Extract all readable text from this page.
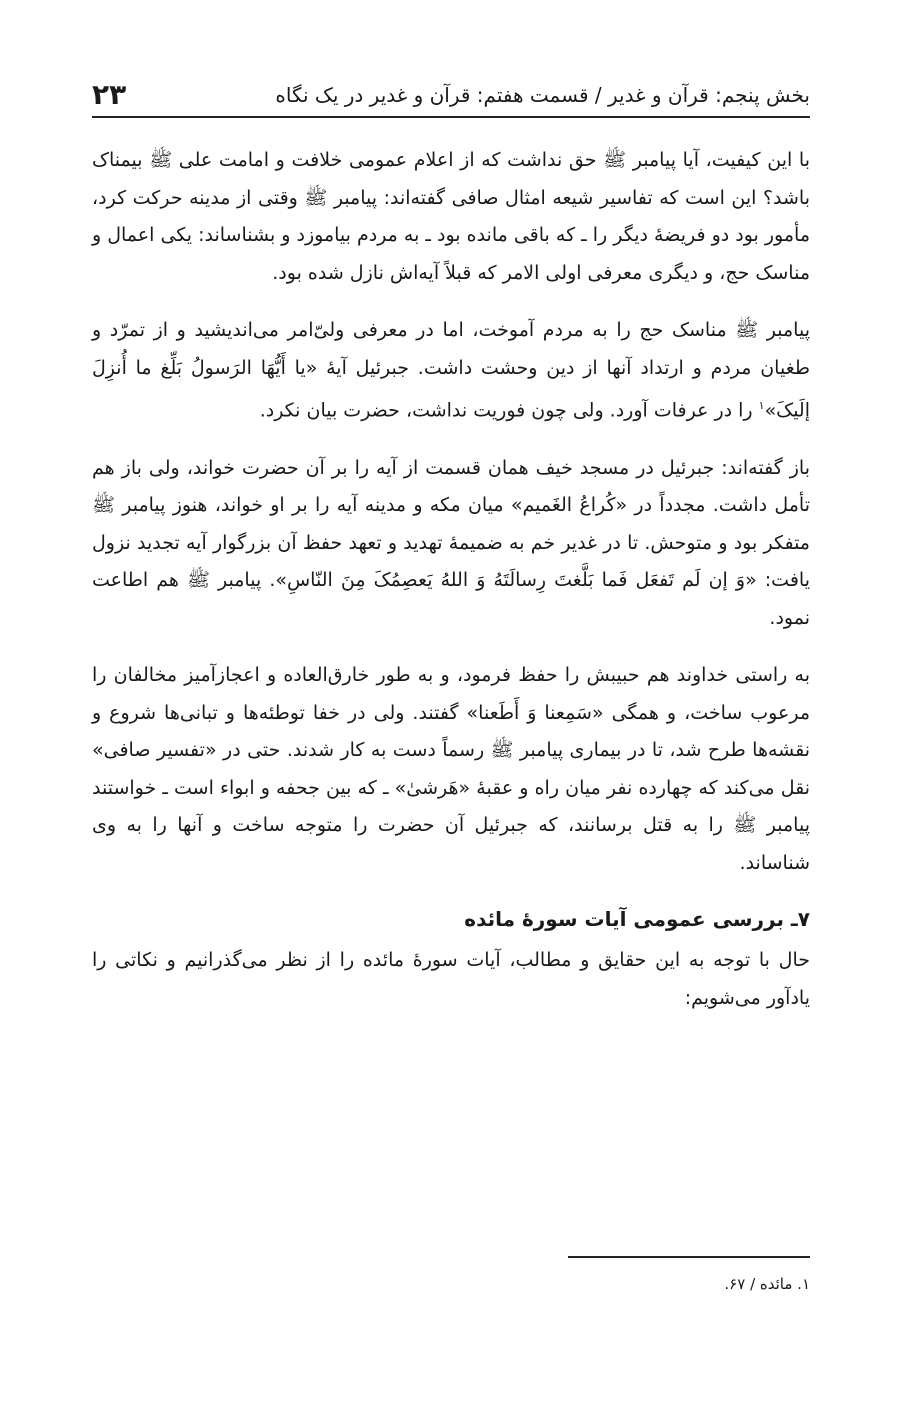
بخش پنجم: قرآن و غدیر / قسمت هفتم: قرآن و غدیر در یک نگاه
۲۳

با این کیفیت، آیا پیامبر ﷺ حق نداشت که از اعلام عمومی خلافت و امامت علی ﷺ بیمناک باشد؟ این است که تفاسیر شیعه امثال صافی گفته‌اند: پیامبر ﷺ وقتی از مدینه حرکت کرد، مأمور بود دو فریضهٔ دیگر را ـ که باقی مانده بود ـ به مردم بیاموزد و بشناساند: یکی اعمال و مناسک حج، و دیگری معرفی اولی الامر که قبلاً آیه‌اش نازل شده بود.

پیامبر ﷺ مناسک حج را به مردم آموخت، اما در معرفی ولیّ‌امر می‌اندیشید و از تمرّد و طغیان مردم و ارتداد آنها از دین وحشت داشت. جبرئیل آیهٔ «یا أَیُّهَا الرَسولُ بَلِّغ ما أُنزِلَ إلَیکَ»$^۱$ را در عرفات آورد. ولی چون فوریت نداشت، حضرت بیان نکرد.

باز گفته‌اند: جبرئیل در مسجد خیف همان قسمت از آیه را بر آن حضرت خواند، ولی باز هم تأمل داشت. مجدداً در «کُراعُ الغَمیم» میان مکه و مدینه آیه را بر او خواند، هنوز پیامبر ﷺ متفکر بود و متوحش. تا در غدیر خم به ضمیمهٔ تهدید و تعهد حفظ آن بزرگوار آیه تجدید نزول یافت: «وَ إن لَم تَفعَل فَما بَلَّغتَ رِسالَتَهُ وَ اللهُ یَعصِمُکَ مِنَ النّاسِ». پیامبر ﷺ هم اطاعت نمود.

به راستی خداوند هم حبیبش را حفظ فرمود، و به طور خارق‌العاده و اعجازآمیز مخالفان را مرعوب ساخت، و همگی «سَمِعنا وَ أَطَعنا» گفتند. ولی در خفا توطئه‌ها و تبانی‌ها شروع و نقشه‌ها طرح شد، تا در بیماری پیامبر ﷺ رسماً دست به کار شدند. حتی در «تفسیر صافی» نقل می‌کند که چهارده نفر میان راه و عقبهٔ «هَرشیٰ» ـ که بین جحفه و ابواء است ـ خواستند پیامبر ﷺ را به قتل برسانند، که جبرئیل آن حضرت را متوجه ساخت و آنها را به وی شناساند.

۷ـ بررسی عمومی آیات سورهٔ مائده

حال با توجه به این حقایق و مطالب، آیات سورهٔ مائده را از نظر می‌گذرانیم و نکاتی را یادآور می‌شویم:

۱. مائده / ۶۷.
